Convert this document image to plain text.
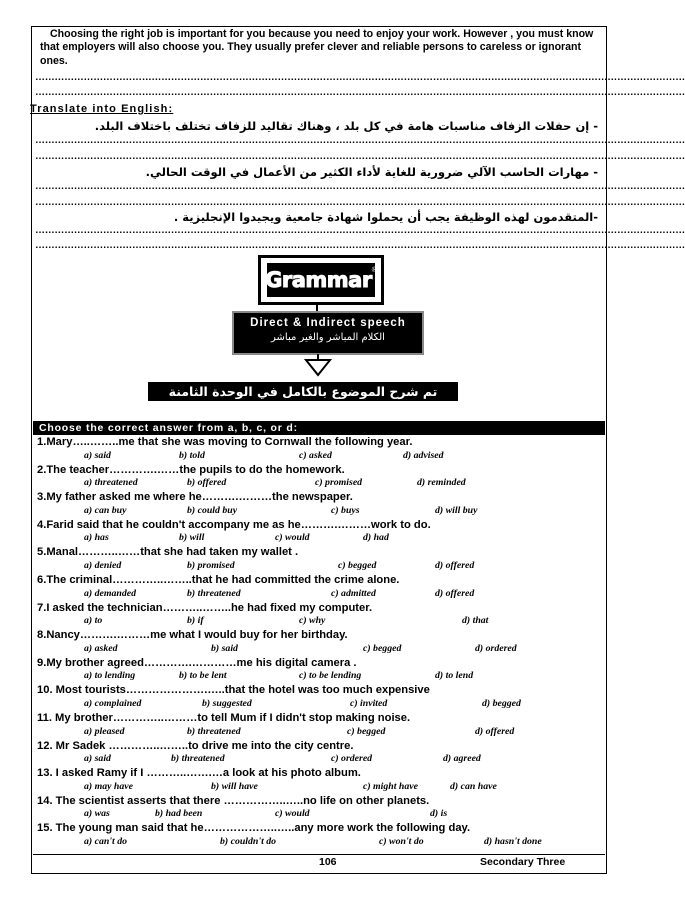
Choosing the right job is important for you because you need to enjoy your work. However , you must know that employers will also choose you. They usually prefer clever and reliable persons to careless or ignorant ones.
…………………………………………………………………………………………………………………………………………………………………………………
…………………………………………………………………………………………………………………………………………………………………………………
Translate into English:
- إن حفلات الزفاف مناسبات هامة في كل بلد ، وهناك تقاليد للزفاف تختلف باختلاف البلد.
…………………………………………………………………………………………………………………………………………………………………………………
…………………………………………………………………………………………………………………………………………………………………………………
- مهارات الحاسب الآلي ضرورية للغاية لأداء الكثير من الأعمال في الوقت الحالي.
…………………………………………………………………………………………………………………………………………………………………………………
…………………………………………………………………………………………………………………………………………………………………………………
-المتقدمون لهذه الوظيفة يجب أن يحملوا شهادة جامعية ويجيدوا الإنجليزية .
…………………………………………………………………………………………………………………………………………………………………………………
…………………………………………………………………………………………………………………………………………………………………………………
Grammar ®
Direct & Indirect speech
الكلام المباشر والغير مباشر
تم شرح الموضوع بالكامل في الوحدة الثامنة
Choose the correct answer from a, b, c, or d:
1.Mary…..……..me that she was moving to Cornwall the following year.
a) said	b) told	c) asked	d) advised
2.The teacher………….……the pupils to do the homework.
a) threatened	b) offered	c) promised	d) reminded
3.My father asked me where he……….………the newspaper.
a) can buy	b) could buy	c) buys	d) will buy
4.Farid said that he couldn't accompany me as he……….………work to do.
a) has	b) will	c) would	d) had
5.Manal………..……that she had taken my wallet .
a) denied	b) promised	c) begged	d) offered
6.The criminal…………..……..that he had committed the crime alone.
a) demanded	b) threatened	c) admitted	d) offered
7.I asked the technician………..……..he had fixed my computer.
a) to	b) if	c) why	d) that
8.Nancy……….………me what I would buy for her birthday.
a) asked	b) said	c) begged	d) ordered
9.My brother agreed………….…………me his digital camera .
a) to lending	b) to be lent	c) to be lending	d) to lend
10. Most tourists………………….…..that the hotel was too much expensive
a) complained	b) suggested	c) invited	d) begged
11. My brother…………..………to tell Mum if I didn't stop making noise.
a) pleased	b) threatened	c) begged	d) offered
12. Mr Sadek …………..……..to drive me into the city centre.
a) said	b) threatened	c) ordered	d) agreed
13. I asked Ramy if I ………..…….…a look at his photo album.
a) may have	b) will have	c) might have	d) can have
14. The scientist asserts that there ……………..…..no life on other planets.
a) was	b) had been	c) would	d) is
15. The young man said that he………………..…..any more work the following day.
a) can't do	b) couldn't do	c) won't do	d) hasn't done
106	Secondary Three
